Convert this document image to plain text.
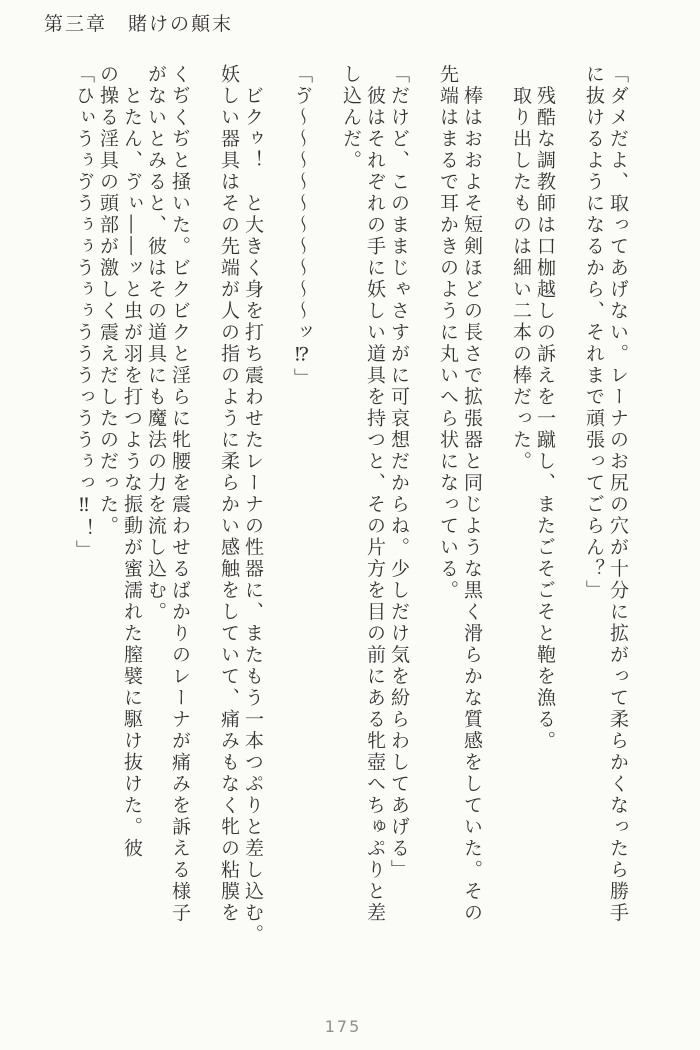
第三章　賭けの顛末

「ダメだよ、取ってあげない。レーナのお尻の穴が十分に拡がって柔らかくなったら勝手

に抜けるようになるから、それまで頑張ってごらん？」

　残酷な調教師は口枷越しの訴えを一蹴し、またごそごそと鞄を漁る。

　取り出したものは細い二本の棒だった。

　棒はおおよそ短剣ほどの長さで拡張器と同じような黒く滑らかな質感をしていた。その

先端はまるで耳かきのように丸いへら状になっている。

「だけど、このままじゃさすがに可哀想だからね。少しだけ気を紛らわしてあげる」

　彼はそれぞれの手に妖しい道具を持つと、その片方を目の前にある牝壺へちゅぷりと差

し込んだ。

「ゔ～～～～～～～～～～ッ⁉」

　ビクゥ！　と大きく身を打ち震わせたレーナの性器に、またもう一本つぷりと差し込む。

妖しい器具はその先端が人の指のように柔らかい感触をしていて、痛みもなく牝の粘膜を

くぢくぢと掻いた。ビクビクと淫らに牝腰を震わせるばかりのレーナが痛みを訴える様子

がないとみると、彼はその道具にも魔法の力を流し込む。

　とたん、ゔぃ――ッと虫が羽を打つような振動が蜜濡れた膣襞に駆け抜けた。彼

の操る淫具の頭部が激しく震えだしたのだった。

「ひぃうぅゔうぅぅうぅぅうううっううぅっ‼！」

175
